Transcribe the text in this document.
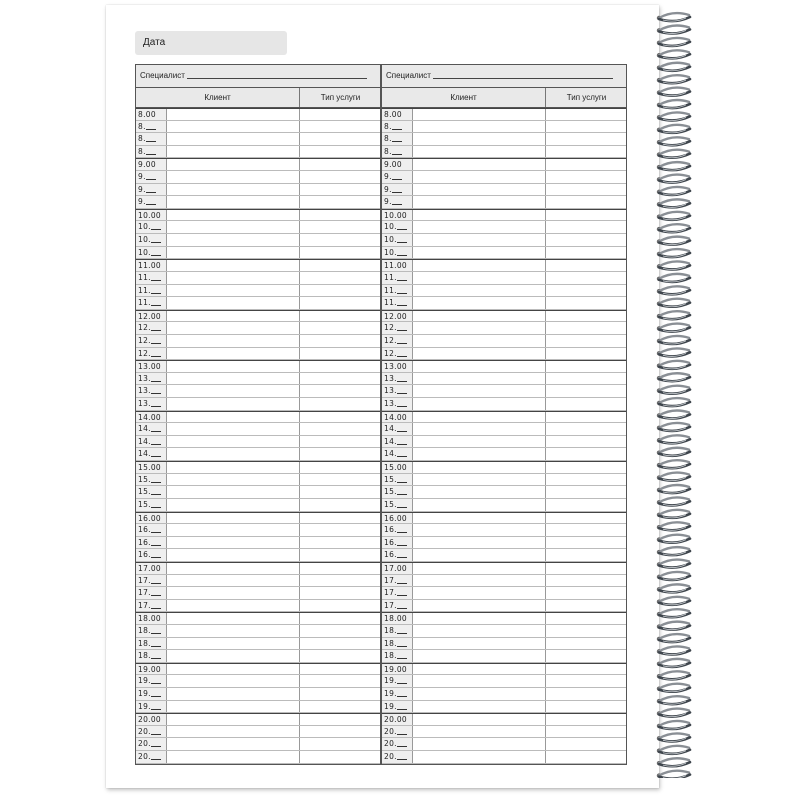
Дата
Специалист
Клиент	Тип услуги
8.00
8.
8.
8.
9.00
9.
9.
9.
10.00
10.
10.
10.
11.00
11.
11.
11.
12.00
12.
12.
12.
13.00
13.
13.
13.
14.00
14.
14.
14.
15.00
15.
15.
15.
16.00
16.
16.
16.
17.00
17.
17.
17.
18.00
18.
18.
18.
19.00
19.
19.
19.
20.00
20.
20.
20.
Специалист
Клиент	Тип услуги
8.00
8.
8.
8.
9.00
9.
9.
9.
10.00
10.
10.
10.
11.00
11.
11.
11.
12.00
12.
12.
12.
13.00
13.
13.
13.
14.00
14.
14.
14.
15.00
15.
15.
15.
16.00
16.
16.
16.
17.00
17.
17.
17.
18.00
18.
18.
18.
19.00
19.
19.
19.
20.00
20.
20.
20.
